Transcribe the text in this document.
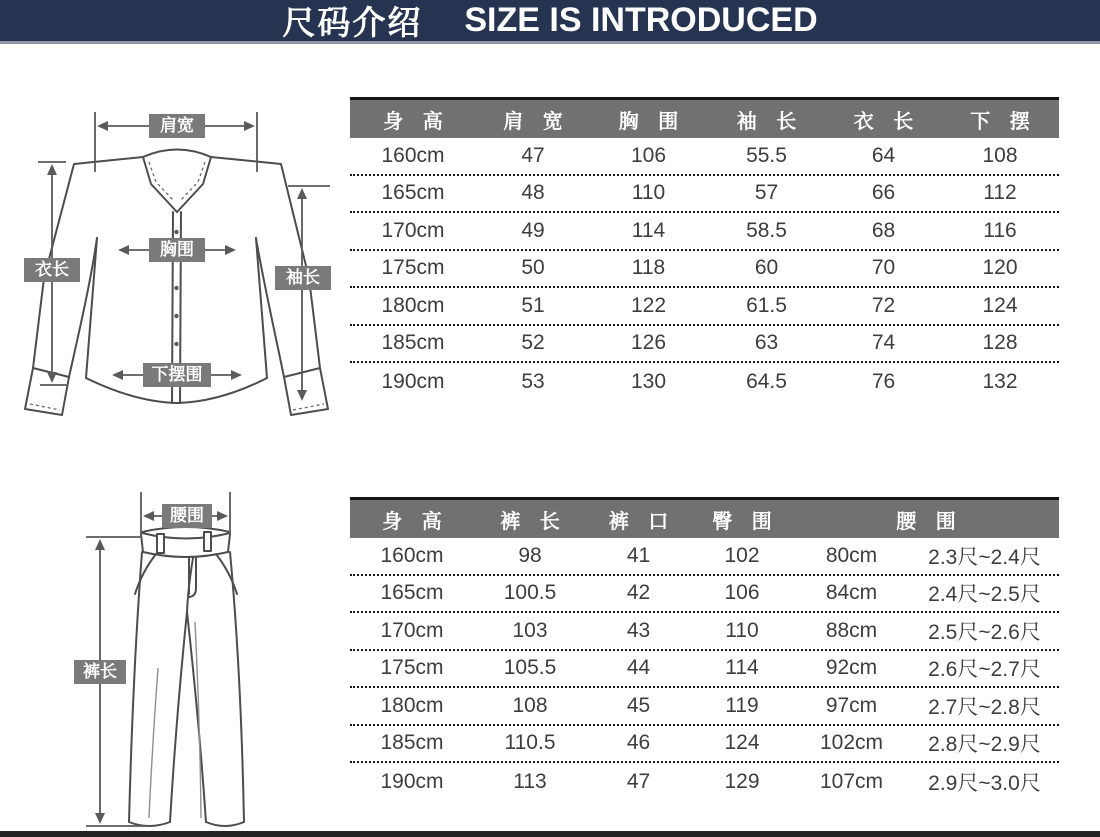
尺码介绍 SIZE IS INTRODUCED
肩宽
衣长	袖长
胸围
下摆围
腰围
裤长
身 高	肩 宽	胸 围	袖 长	衣 长	下 摆
160cm	47	106	55.5	64	108
165cm	48	110	57	66	112
170cm	49	114	58.5	68	116
175cm	50	118	60	70	120
180cm	51	122	61.5	72	124
185cm	52	126	63	74	128
190cm	53	130	64.5	76	132
身 高	裤 长	裤 口	臀 围	腰 围
160cm	98	41	102	80cm	2.3尺~2.4尺
165cm	100.5	42	106	84cm	2.4尺~2.5尺
170cm	103	43	110	88cm	2.5尺~2.6尺
175cm	105.5	44	114	92cm	2.6尺~2.7尺
180cm	108	45	119	97cm	2.7尺~2.8尺
185cm	110.5	46	124	102cm	2.8尺~2.9尺
190cm	113	47	129	107cm	2.9尺~3.0尺
